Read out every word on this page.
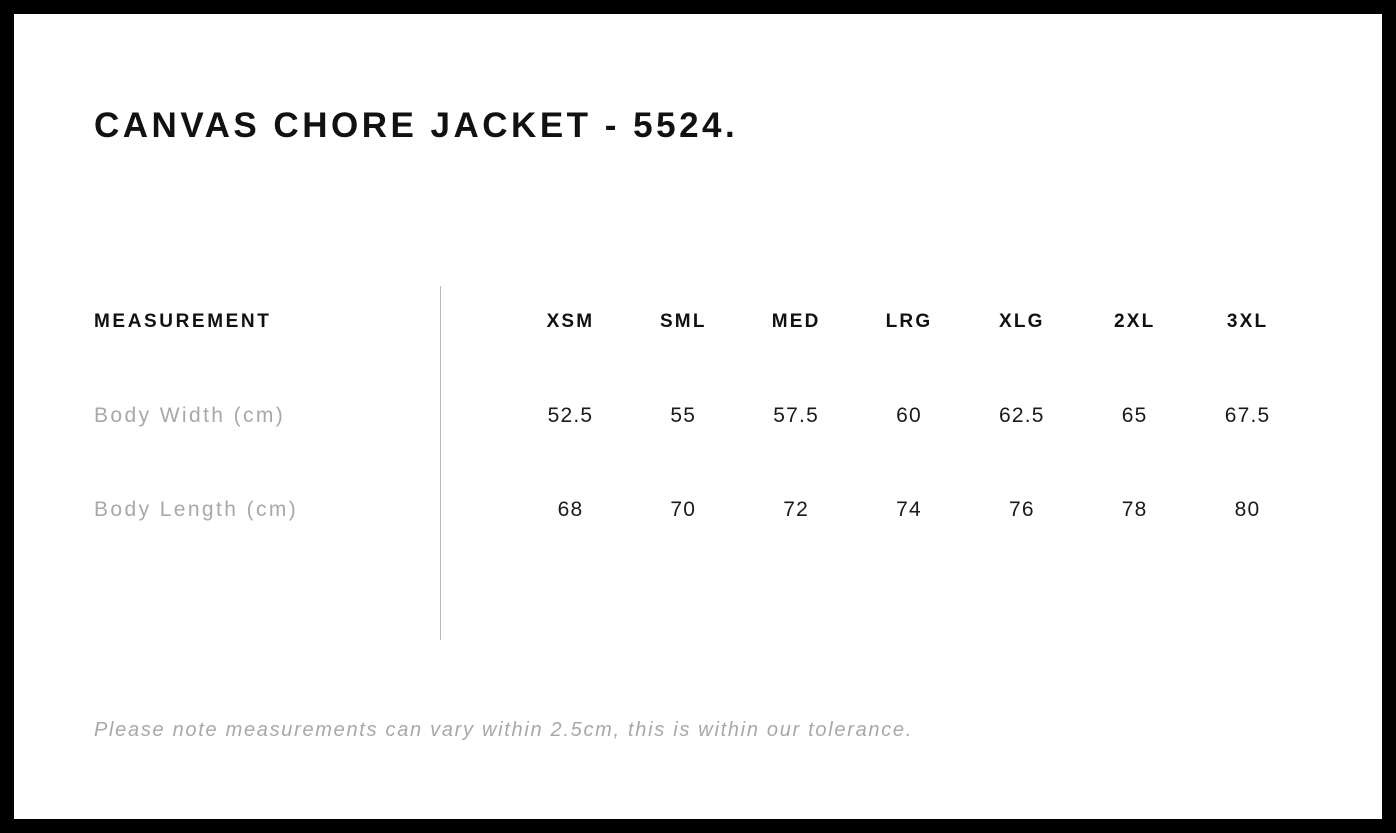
CANVAS CHORE JACKET - 5524.
MEASUREMENT	XSM	SML	MED	LRG	XLG	2XL	3XL
Body Width (cm)	52.5	55	57.5	60	62.5	65	67.5
Body Length (cm)	68	70	72	74	76	78	80
Please note measurements can vary within 2.5cm, this is within our tolerance.
